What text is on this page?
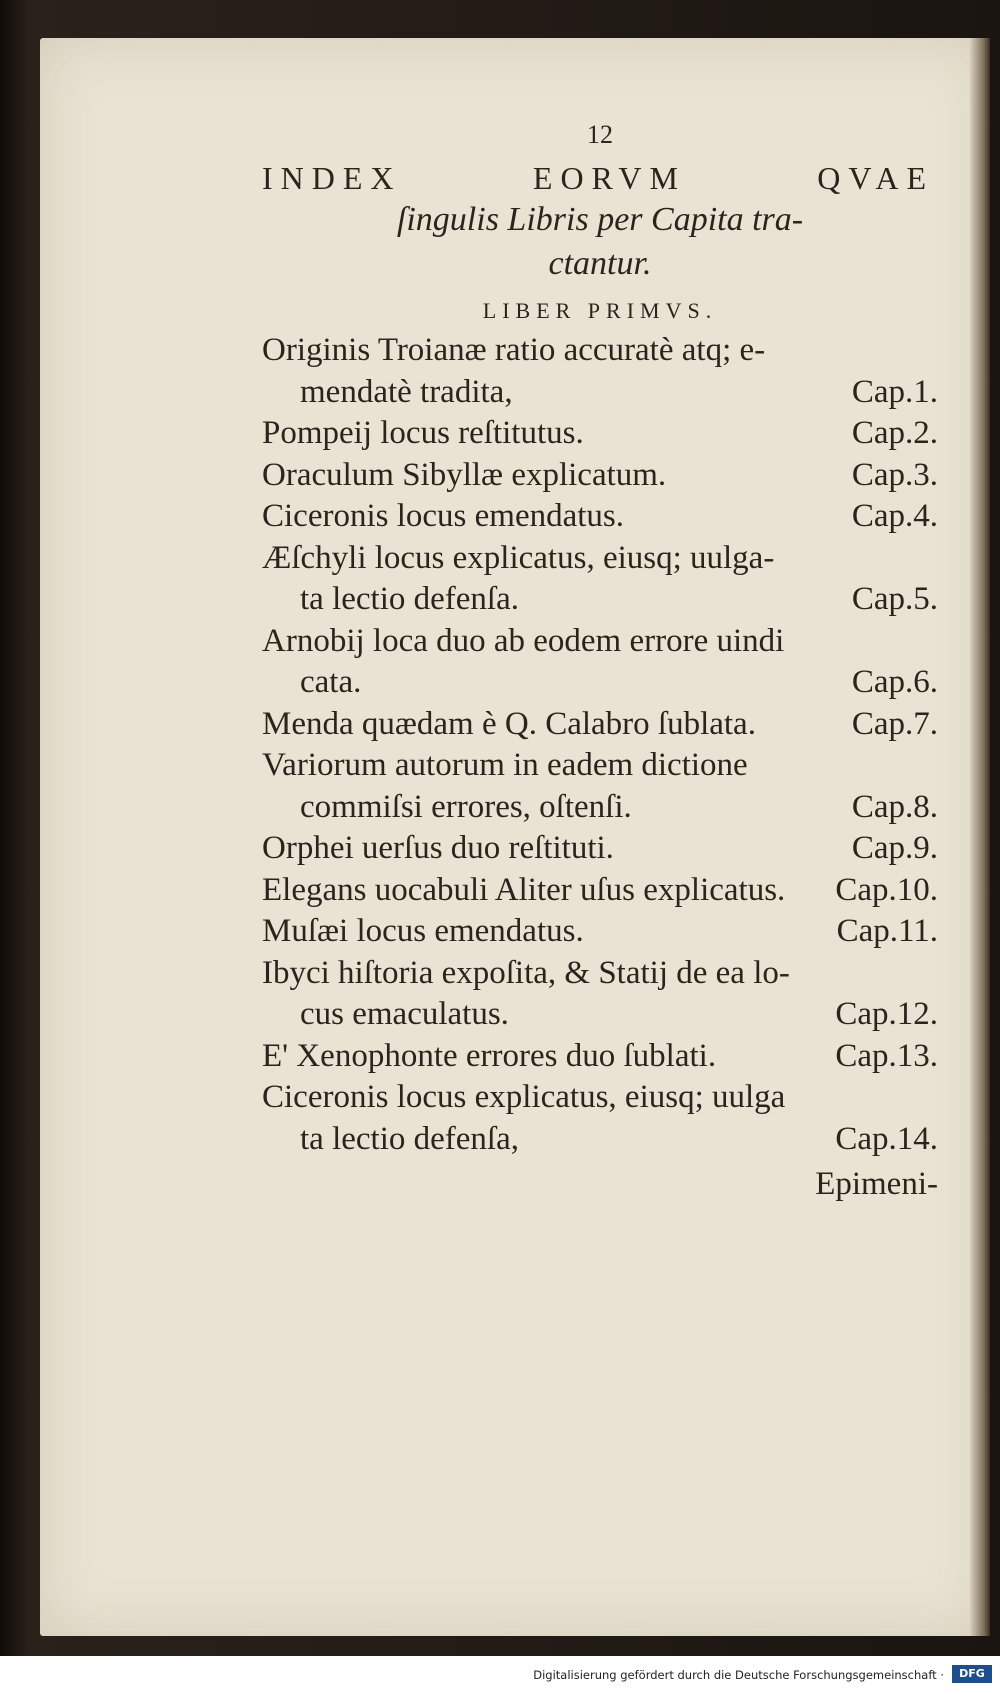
12
INDEX	EORVM	QVAE
ſingulis Libris per Capita tra-
ctantur.
LIBER PRIMVS.
Originis Troianæ ratio accuratè atq; e-
mendatè tradita,	Cap.1.
Pompeij locus reſtitutus.	Cap.2.
Oraculum Sibyllæ explicatum.	Cap.3.
Ciceronis locus emendatus.	Cap.4.
Æſchyli locus explicatus, eiusq; uulga-
ta lectio defenſa.	Cap.5.
Arnobij loca duo ab eodem errore uindi
cata.	Cap.6.
Menda quædam è Q. Calabro ſublata.	Cap.7.
Variorum autorum in eadem dictione
commiſsi errores, oſtenſi.	Cap.8.
Orphei uerſus duo reſtituti.	Cap.9.
Elegans uocabuli Aliter uſus explicatus. Cap.10.
Muſæi locus emendatus.	Cap.11.
Ibyci hiſtoria expoſita, & Statij de ea lo-
cus emaculatus.	Cap.12.
E' Xenophonte errores duo ſublati.	Cap.13.
Ciceronis locus explicatus, eiusq; uulga
ta lectio defenſa,	Cap.14.
Epimeni-
Digitalisierung gefördert durch die Deutsche Forschungsgemeinschaft ·	DFG
